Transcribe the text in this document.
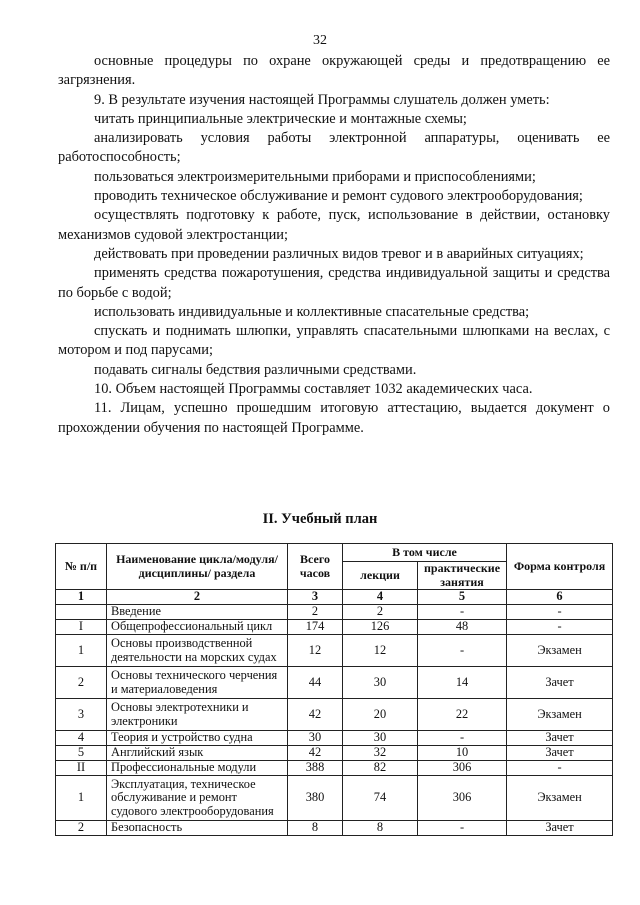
32

основные процедуры по охране окружающей среды и предотвращению ее загрязнения.

9. В результате изучения настоящей Программы слушатель должен уметь:

читать принципиальные электрические и монтажные схемы;

анализировать условия работы электронной аппаратуры, оценивать ее работоспособность;

пользоваться электроизмерительными приборами и приспособлениями;

проводить техническое обслуживание и ремонт судового электрооборудования;

осуществлять подготовку к работе, пуск, использование в действии, остановку механизмов судовой электростанции;

действовать при проведении различных видов тревог и в аварийных ситуациях;

применять средства пожаротушения, средства индивидуальной защиты и средства по борьбе с водой;

использовать индивидуальные и коллективные спасательные средства;

спускать и поднимать шлюпки, управлять спасательными шлюпками на веслах, с мотором и под парусами;

подавать сигналы бедствия различными средствами.

10. Объем настоящей Программы составляет 1032 академических часа.

11. Лицам, успешно прошедшим итоговую аттестацию, выдается документ о прохождении обучения по настоящей Программе.

II. Учебный план
№ п/п	Наименование цикла/модуля/дисциплины/ раздела	Всего часов	В том числе		Форма контроля
			лекции	практические занятия	
1	2	3	4	5	6
	Введение	2	2	-	-
I	Общепрофессиональный цикл	174	126	48	-
1	Основы производственной деятельности на морских судах	12	12	-	Экзамен
2	Основы технического черчения и материаловедения	44	30	14	Зачет
3	Основы электротехники и электроники	42	20	22	Экзамен
4	Теория и устройство судна	30	30	-	Зачет
5	Английский язык	42	32	10	Зачет
II	Профессиональные модули	388	82	306	-
1	Эксплуатация, техническое обслуживание и ремонт судового электрооборудования	380	74	306	Экзамен
2	Безопасность	8	8	-	Зачет
